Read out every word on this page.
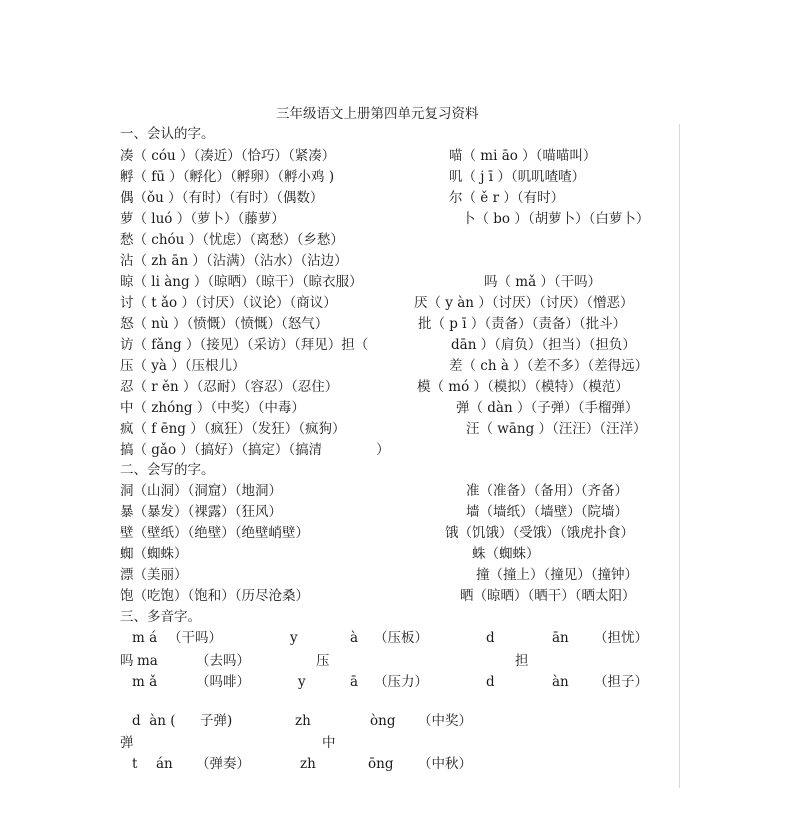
三年级语文上册第四单元复习资料
一、会认的字。
凑（ cóu ）（凑近）（恰巧）（紧凑）	喵（ mi āo ）（喵喵叫）
孵（ fū ）（孵化）（孵卵）（孵小鸡 )	叽（ j ī ）（叽叽喳喳）
偶（ǒu ）（有时）（有时）（偶数）	尔（ ě r ）（有时）
萝（ luó ）（萝卜）（藤萝）	卜（ bo ）（胡萝卜）（白萝卜）
愁（ chóu ）（忧虑）（离愁）（乡愁）
沾（ zh ān ）（沾满）（沾水）（沾边）
晾（ li àng ）（晾晒）（晾干）（晾衣服）	吗（ mǎ ）（干吗）
讨（ t ǎo ）（讨厌）（议论）（商议）	厌（ y àn ）（讨厌）（讨厌）（憎恶）
怒（ nù ）（愤慨）（愤慨）（怒气）	批（ p ī ）（责备）（责备）（批斗）
访（ fǎng ）（接见）（采访）（拜见）担（	dān ）（肩负）（担当）（担负）
压（ yà ）（压根儿）	差（ ch à ）（差不多）（差得远）
忍（ r ěn ）（忍耐）（容忍）（忍住）	模（ mó ）（模拟）（模特）（模范）
中（ zhóng ）（中奖）（中毒）	弹（ dàn ）（子弹）（手榴弹）
疯（ f ēng ）（疯狂）（发狂）（疯狗）	汪（ wāng ）（汪汪）（汪洋）
搞（ gǎo ）（搞好）（搞定）（搞清　　　　）
二、会写的字。
洞（山洞）（洞窟）（地洞）	准（准备）（备用）（齐备）
暴（暴发）（裸露）（狂风）	墙（墙纸）（墙壁）（院墙）
壁（壁纸）（绝壁）（绝壁峭壁）	饿（饥饿）（受饿）（饿虎扑食）
蜘（蜘蛛）	蛛（蜘蛛）
漂（美丽）	撞（撞上）（撞见）（撞钟）
饱（吃饱）（饱和）（历尽沧桑）	晒（晾晒）（晒干）（晒太阳）
三、多音字。
m á （干吗）	y	à （压板）	d	ān （担忧）
吗 ma	（去吗）	压	担
m ǎ	（吗啡）	y	ā （压力）	d	àn （担子）
d  àn ( 子弹)	zh	òng （中奖）
弹	中
t án （弹奏）	zh	ōng （中秋）
